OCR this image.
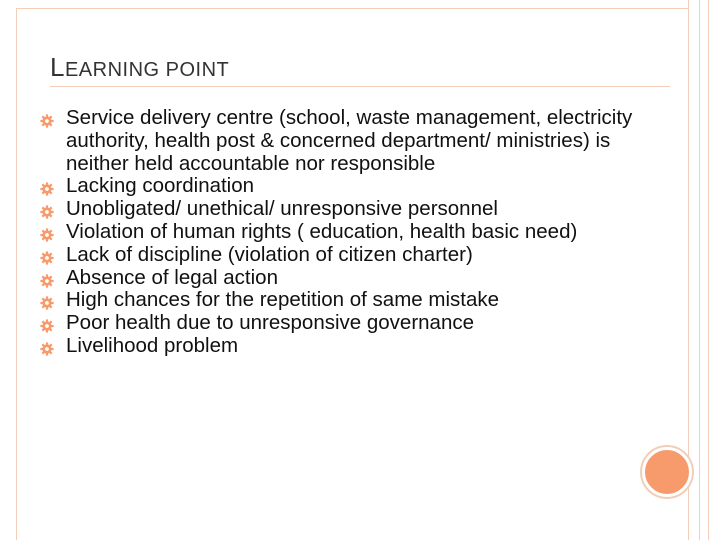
LEARNING POINT
Service delivery centre (school, waste management, electricity authority, health post & concerned department/ ministries) is neither held accountable nor responsible
Lacking coordination
Unobligated/ unethical/ unresponsive personnel
Violation of human rights ( education, health basic need)
Lack of discipline (violation of citizen charter)
Absence of legal action
High chances for the repetition of same mistake
Poor health due to unresponsive governance
Livelihood problem
